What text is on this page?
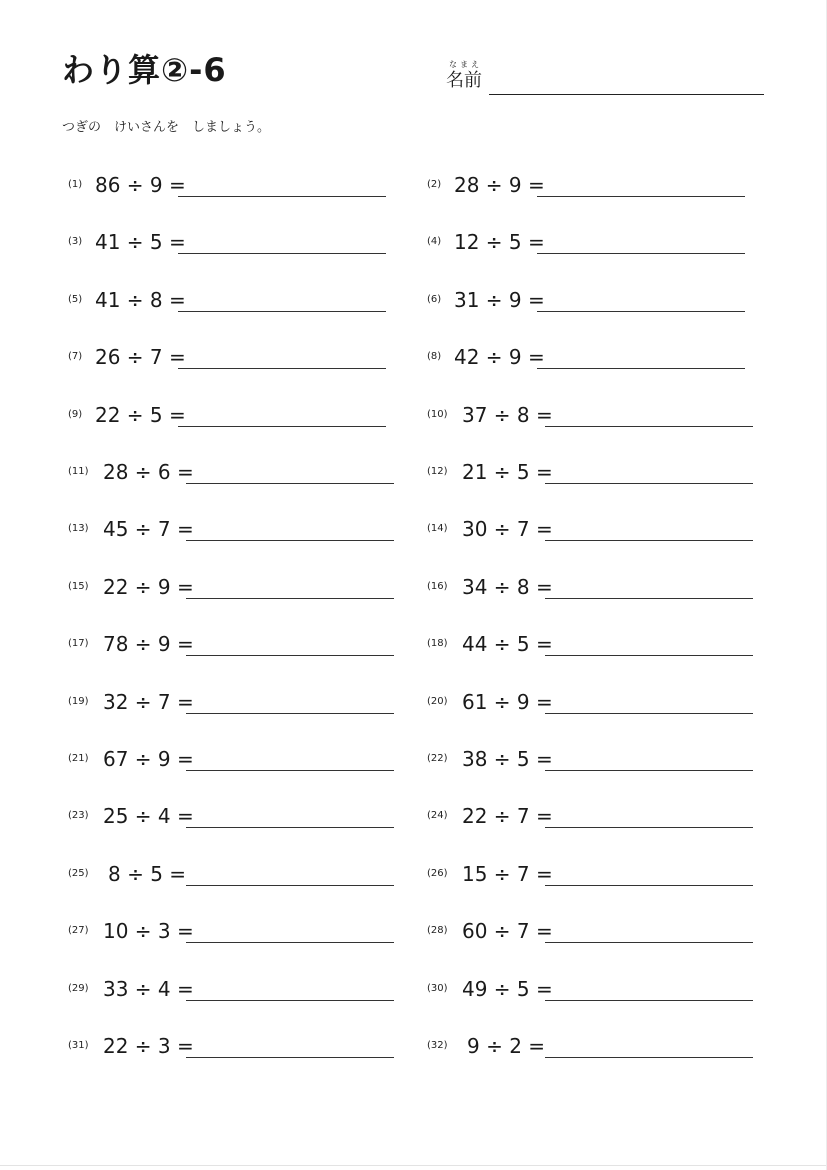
わり算②-6	なまえ
名前
つぎの　けいさんを　しましょう。
(1) 86 ÷ 9 =	(2) 28 ÷ 9 =
(3) 41 ÷ 5 =	(4) 12 ÷ 5 =
(5) 41 ÷ 8 =	(6) 31 ÷ 9 =
(7) 26 ÷ 7 =	(8) 42 ÷ 9 =
(9) 22 ÷ 5 =	(10) 37 ÷ 8 =
(11) 28 ÷ 6 =	(12) 21 ÷ 5 =
(13) 45 ÷ 7 =	(14) 30 ÷ 7 =
(15) 22 ÷ 9 =	(16) 34 ÷ 8 =
(17) 78 ÷ 9 =	(18) 44 ÷ 5 =
(19) 32 ÷ 7 =	(20) 61 ÷ 9 =
(21) 67 ÷ 9 =	(22) 38 ÷ 5 =
(23) 25 ÷ 4 =	(24) 22 ÷ 7 =
(25) 8 ÷ 5 =	(26) 15 ÷ 7 =
(27) 10 ÷ 3 =	(28) 60 ÷ 7 =
(29) 33 ÷ 4 =	(30) 49 ÷ 5 =
(31) 22 ÷ 3 =	(32) 9 ÷ 2 =
